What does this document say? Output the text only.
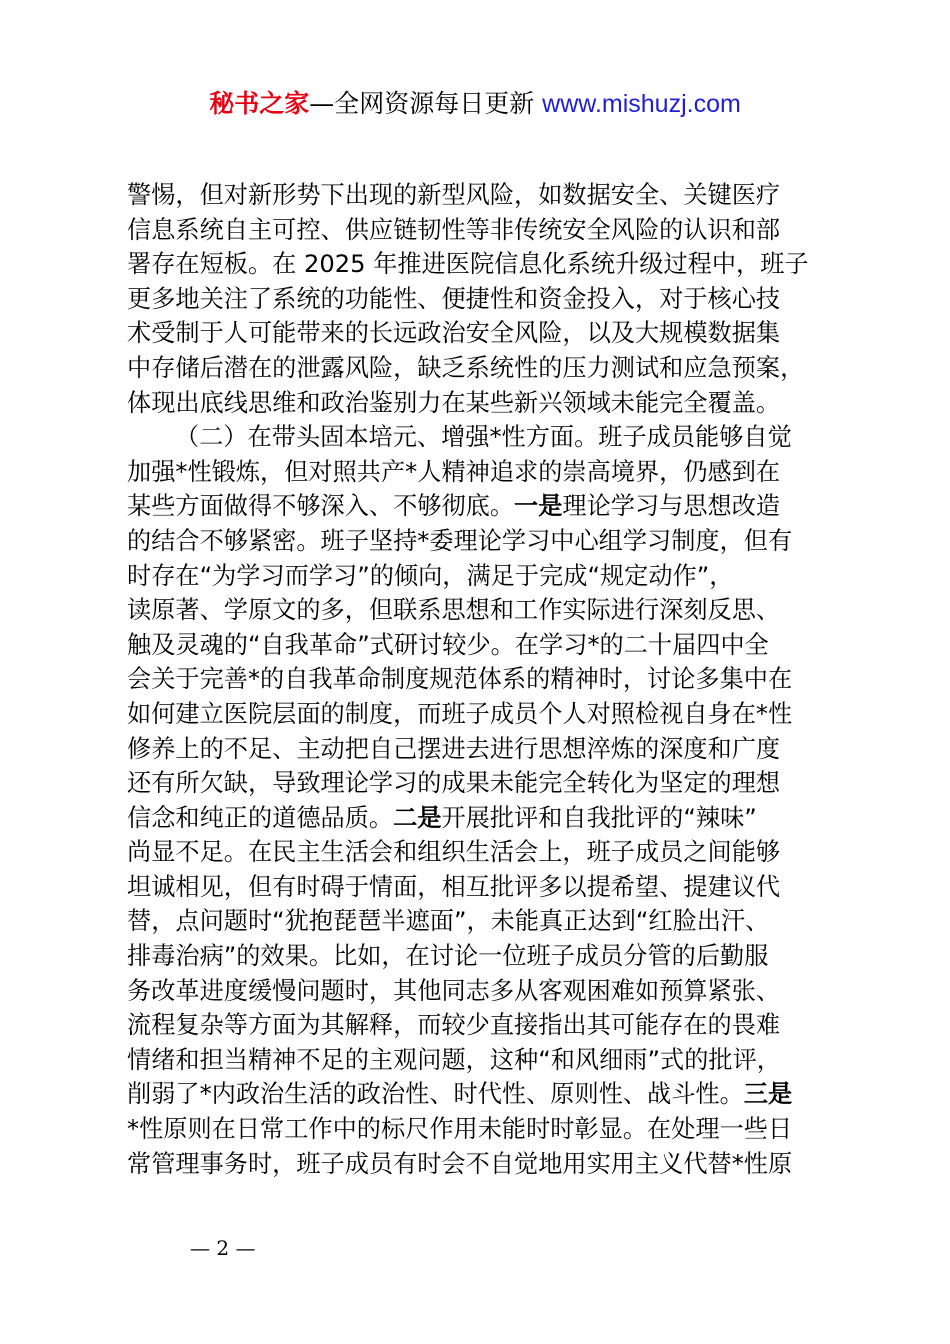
秘书之家—全网资源每日更新 www.mishuzj.com
警惕，但对新形势下出现的新型风险，如数据安全、关键医疗
信息系统自主可控、供应链韧性等非传统安全风险的认识和部
署存在短板。在 2025 年推进医院信息化系统升级过程中，班子
更多地关注了系统的功能性、便捷性和资金投入，对于核心技
术受制于人可能带来的长远政治安全风险，以及大规模数据集
中存储后潜在的泄露风险，缺乏系统性的压力测试和应急预案，
体现出底线思维和政治鉴别力在某些新兴领域未能完全覆盖。
（二）在带头固本培元、增强*性方面。班子成员能够自觉
加强*性锻炼，但对照共产*人精神追求的崇高境界，仍感到在
某些方面做得不够深入、不够彻底。一是理论学习与思想改造
的结合不够紧密。班子坚持*委理论学习中心组学习制度，但有
时存在“为学习而学习”的倾向，满足于完成“规定动作”，
读原著、学原文的多，但联系思想和工作实际进行深刻反思、
触及灵魂的“自我革命”式研讨较少。在学习*的二十届四中全
会关于完善*的自我革命制度规范体系的精神时，讨论多集中在
如何建立医院层面的制度，而班子成员个人对照检视自身在*性
修养上的不足、主动把自己摆进去进行思想淬炼的深度和广度
还有所欠缺，导致理论学习的成果未能完全转化为坚定的理想
信念和纯正的道德品质。二是开展批评和自我批评的“辣味”
尚显不足。在民主生活会和组织生活会上，班子成员之间能够
坦诚相见，但有时碍于情面，相互批评多以提希望、提建议代
替，点问题时“犹抱琵琶半遮面”，未能真正达到“红脸出汗、
排毒治病”的效果。比如，在讨论一位班子成员分管的后勤服
务改革进度缓慢问题时，其他同志多从客观困难如预算紧张、
流程复杂等方面为其解释，而较少直接指出其可能存在的畏难
情绪和担当精神不足的主观问题，这种“和风细雨”式的批评，
削弱了*内政治生活的政治性、时代性、原则性、战斗性。三是
*性原则在日常工作中的标尺作用未能时时彰显。在处理一些日
常管理事务时，班子成员有时会不自觉地用实用主义代替*性原
— 2 —
